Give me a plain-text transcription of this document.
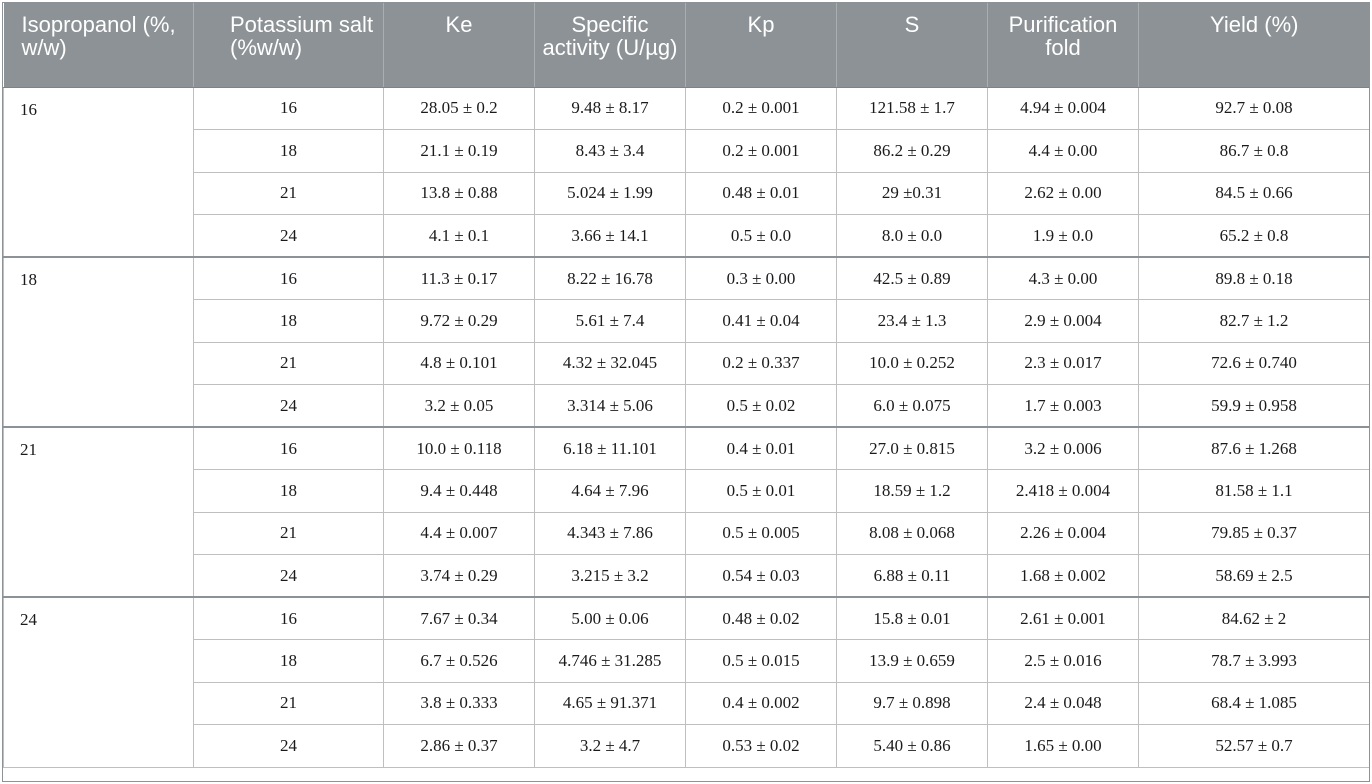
Isopropanol (%, w/w)	Potassium salt (%w/w)	Ke	Specific activity (U/µg)	Kp	S	Purification fold	Yield (%)
16	16	28.05 ± 0.2	9.48 ± 8.17	0.2 ± 0.001	121.58 ± 1.7	4.94 ± 0.004	92.7 ± 0.08
	18	21.1 ± 0.19	8.43 ± 3.4	0.2 ± 0.001	86.2 ± 0.29	4.4 ± 0.00	86.7 ± 0.8
	21	13.8 ± 0.88	5.024 ± 1.99	0.48 ± 0.01	29 ±0.31	2.62 ± 0.00	84.5 ± 0.66
	24	4.1 ± 0.1	3.66 ± 14.1	0.5 ± 0.0	8.0 ± 0.0	1.9 ± 0.0	65.2 ± 0.8
18	16	11.3 ± 0.17	8.22 ± 16.78	0.3 ± 0.00	42.5 ± 0.89	4.3 ± 0.00	89.8 ± 0.18
	18	9.72 ± 0.29	5.61 ± 7.4	0.41 ± 0.04	23.4 ± 1.3	2.9 ± 0.004	82.7 ± 1.2
	21	4.8 ± 0.101	4.32 ± 32.045	0.2 ± 0.337	10.0 ± 0.252	2.3 ± 0.017	72.6 ± 0.740
	24	3.2 ± 0.05	3.314 ± 5.06	0.5 ± 0.02	6.0 ± 0.075	1.7 ± 0.003	59.9 ± 0.958
21	16	10.0 ± 0.118	6.18 ± 11.101	0.4 ± 0.01	27.0 ± 0.815	3.2 ± 0.006	87.6 ± 1.268
	18	9.4 ± 0.448	4.64 ± 7.96	0.5 ± 0.01	18.59 ± 1.2	2.418 ± 0.004	81.58 ± 1.1
	21	4.4 ± 0.007	4.343 ± 7.86	0.5 ± 0.005	8.08 ± 0.068	2.26 ± 0.004	79.85 ± 0.37
	24	3.74 ± 0.29	3.215 ± 3.2	0.54 ± 0.03	6.88 ± 0.11	1.68 ± 0.002	58.69 ± 2.5
24	16	7.67 ± 0.34	5.00 ± 0.06	0.48 ± 0.02	15.8 ± 0.01	2.61 ± 0.001	84.62 ± 2
	18	6.7 ± 0.526	4.746 ± 31.285	0.5 ± 0.015	13.9 ± 0.659	2.5 ± 0.016	78.7 ± 3.993
	21	3.8 ± 0.333	4.65 ± 91.371	0.4 ± 0.002	9.7 ± 0.898	2.4 ± 0.048	68.4 ± 1.085
	24	2.86 ± 0.37	3.2 ± 4.7	0.53 ± 0.02	5.40 ± 0.86	1.65 ± 0.00	52.57 ± 0.7
